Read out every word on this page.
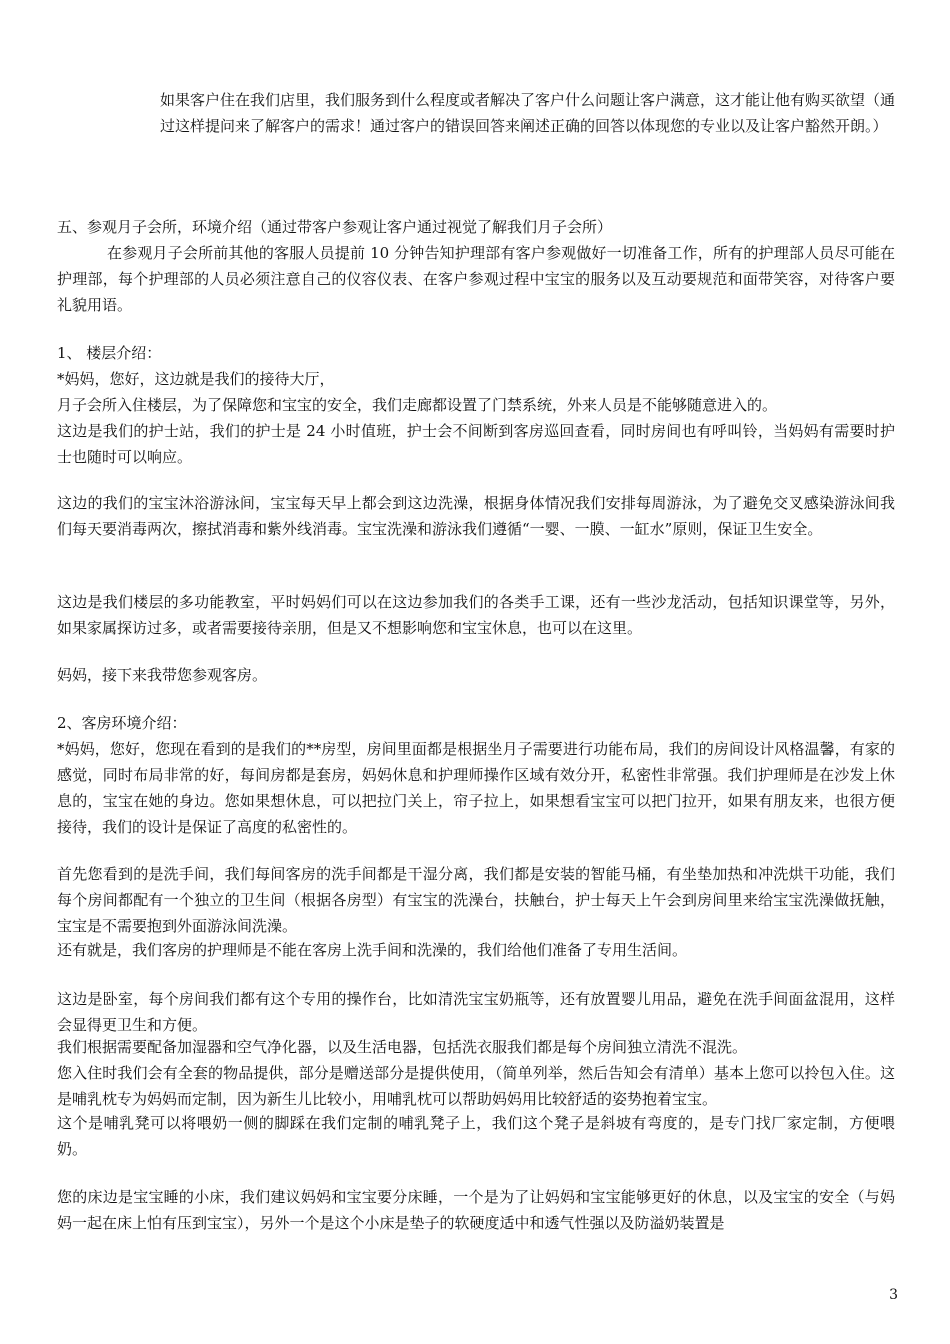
如果客户住在我们店里，我们服务到什么程度或者解决了客户什么问题让客户满意，这才能让他有购买欲望（通过这样提问来了解客户的需求！通过客户的错误回答来阐述正确的回答以体现您的专业以及让客户豁然开朗。）

五、参观月子会所，环境介绍（通过带客户参观让客户通过视觉了解我们月子会所）

在参观月子会所前其他的客服人员提前 10 分钟告知护理部有客户参观做好一切准备工作，所有的护理部人员尽可能在护理部，每个护理部的人员必须注意自己的仪容仪表、在客户参观过程中宝宝的服务以及互动要规范和面带笑容，对待客户要礼貌用语。

1、 楼层介绍：

*妈妈，您好，这边就是我们的接待大厅，

月子会所入住楼层，为了保障您和宝宝的安全，我们走廊都设置了门禁系统，外来人员是不能够随意进入的。

这边是我们的护士站，我们的护士是 24 小时值班，护士会不间断到客房巡回查看，同时房间也有呼叫铃，当妈妈有需要时护士也随时可以响应。

这边的我们的宝宝沐浴游泳间，宝宝每天早上都会到这边洗澡，根据身体情况我们安排每周游泳，为了避免交叉感染游泳间我们每天要消毒两次，擦拭消毒和紫外线消毒。宝宝洗澡和游泳我们遵循“一婴、一膜、一缸水”原则，保证卫生安全。

这边是我们楼层的多功能教室，平时妈妈们可以在这边参加我们的各类手工课，还有一些沙龙活动，包括知识课堂等，另外，如果家属探访过多，或者需要接待亲朋，但是又不想影响您和宝宝休息，也可以在这里。

妈妈，接下来我带您参观客房。

2、客房环境介绍：

*妈妈，您好，您现在看到的是我们的**房型，房间里面都是根据坐月子需要进行功能布局，我们的房间设计风格温馨，有家的感觉，同时布局非常的好，每间房都是套房，妈妈休息和护理师操作区域有效分开，私密性非常强。我们护理师是在沙发上休息的，宝宝在她的身边。您如果想休息，可以把拉门关上，帘子拉上，如果想看宝宝可以把门拉开，如果有朋友来，也很方便接待，我们的设计是保证了高度的私密性的。

首先您看到的是洗手间，我们每间客房的洗手间都是干湿分离，我们都是安装的智能马桶，有坐垫加热和冲洗烘干功能，我们每个房间都配有一个独立的卫生间（根据各房型）有宝宝的洗澡台，扶触台，护士每天上午会到房间里来给宝宝洗澡做抚触，宝宝是不需要抱到外面游泳间洗澡。

还有就是，我们客房的护理师是不能在客房上洗手间和洗澡的，我们给他们准备了专用生活间。

这边是卧室，每个房间我们都有这个专用的操作台，比如清洗宝宝奶瓶等，还有放置婴儿用品，避免在洗手间面盆混用，这样会显得更卫生和方便。

我们根据需要配备加湿器和空气净化器，以及生活电器，包括洗衣服我们都是每个房间独立清洗不混洗。

您入住时我们会有全套的物品提供，部分是赠送部分是提供使用，（简单列举，然后告知会有清单）基本上您可以拎包入住。这是哺乳枕专为妈妈而定制，因为新生儿比较小，用哺乳枕可以帮助妈妈用比较舒适的姿势抱着宝宝。

这个是哺乳凳可以将喂奶一侧的脚踩在我们定制的哺乳凳子上，我们这个凳子是斜坡有弯度的，是专门找厂家定制，方便喂奶。

您的床边是宝宝睡的小床，我们建议妈妈和宝宝要分床睡，一个是为了让妈妈和宝宝能够更好的休息，以及宝宝的安全（与妈妈一起在床上怕有压到宝宝），另外一个是这个小床是垫子的软硬度适中和透气性强以及防溢奶装置是

3
